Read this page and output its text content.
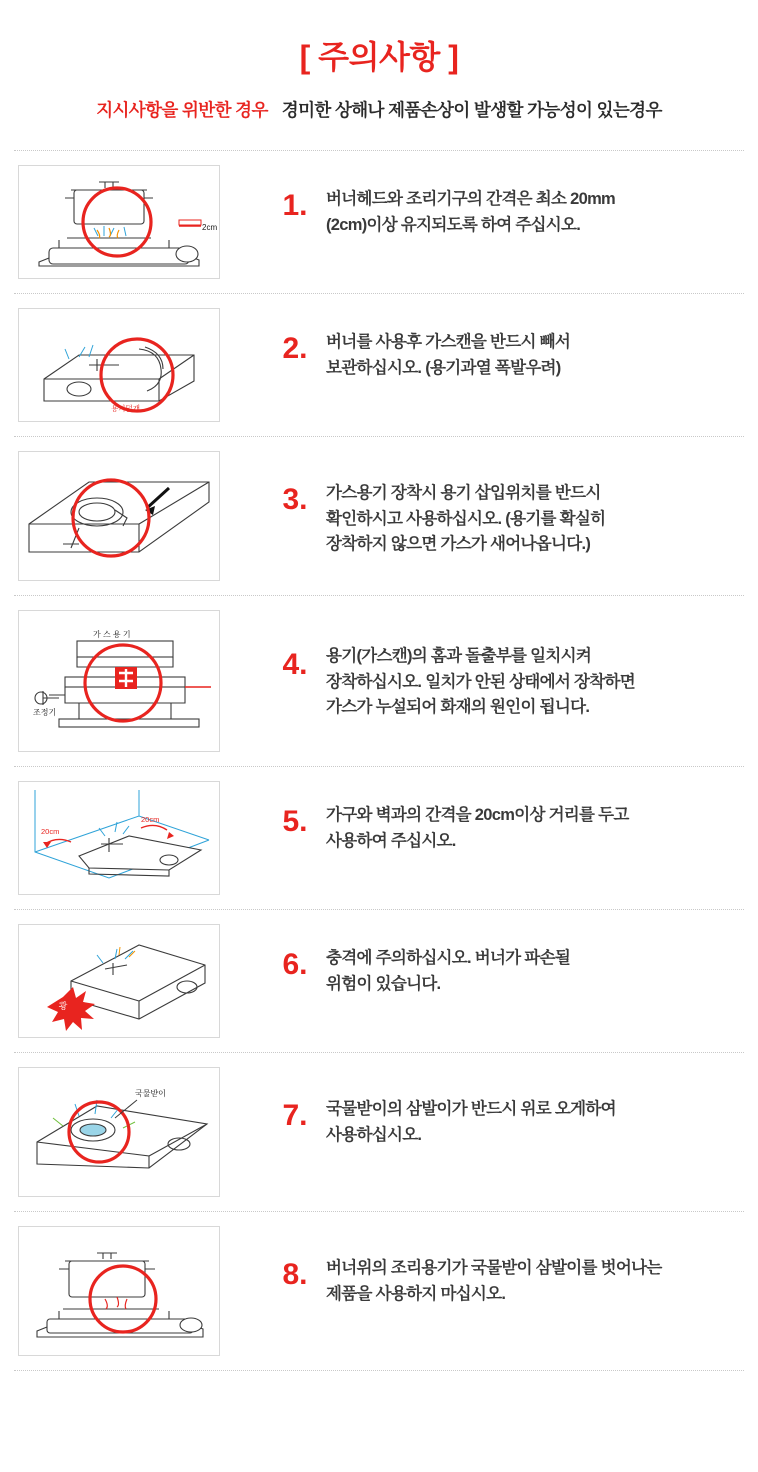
[ 주의사항 ]
지시사항을 위반한 경우 경미한 상해나 제품손상이 발생할 가능성이 있는경우
2cm
1.	버너헤드와 조리기구의 간격은 최소 20mm
(2cm)이상 유지되도록 하여 주십시오.
용기덮개
2.	버너를 사용후 가스캔을 반드시 빼서
보관하십시오. (용기과열 폭발우려)
3.	가스용기 장착시 용기 삽입위치를 반드시
확인하시고 사용하십시오. (용기를 확실히
장착하지 않으면 가스가 새어나옵니다.)
가 스 용 기
조정기
4.	용기(가스캔)의 홈과 돌출부를 일치시켜
장착하십시오. 일치가 안된 상태에서 장착하면
가스가 누설되어 화재의 원인이 됩니다.
20cm
20cm	5.	가구와 벽과의 간격을 20cm이상 거리를 두고
사용하여 주십시오.
쾅
6.	충격에 주의하십시오. 버너가 파손될
위험이 있습니다.
국물받이
7.	국물받이의 삼발이가 반드시 위로 오게하여
사용하십시오.
8.	버너위의 조리용기가 국물받이 삼발이를 벗어나는
제품을 사용하지 마십시오.
